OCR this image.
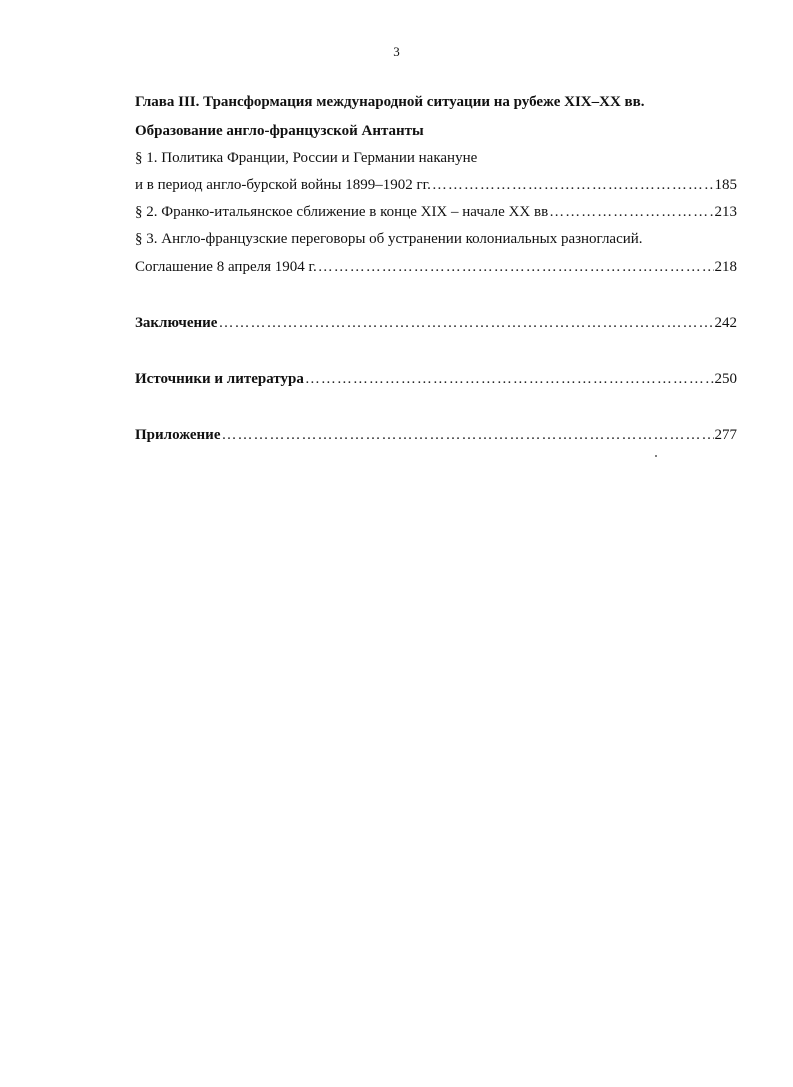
3
Глава III. Трансформация международной ситуации на рубеже XIX–XX вв.
Образование англо-французской Антанты
§ 1. Политика Франции, России и Германии накануне
и в период англо-бурской войны 1899–1902 гг. …………………………………………………………………………………………………………………………………………	185
§ 2. Франко-итальянское сближение в конце XIX – начале XX вв …………………………………………………………………………………………………………………………………………	213
§ 3. Англо-французские переговоры об устранении колониальных разногласий.
Соглашение 8 апреля 1904 г. …………………………………………………………………………………………………………………………………………	218
Заключение …………………………………………………………………………………………………………………………………………	242
Источники и литература …………………………………………………………………………………………………………………………………………	250
Приложение …………………………………………………………………………………………………………………………………………	277
